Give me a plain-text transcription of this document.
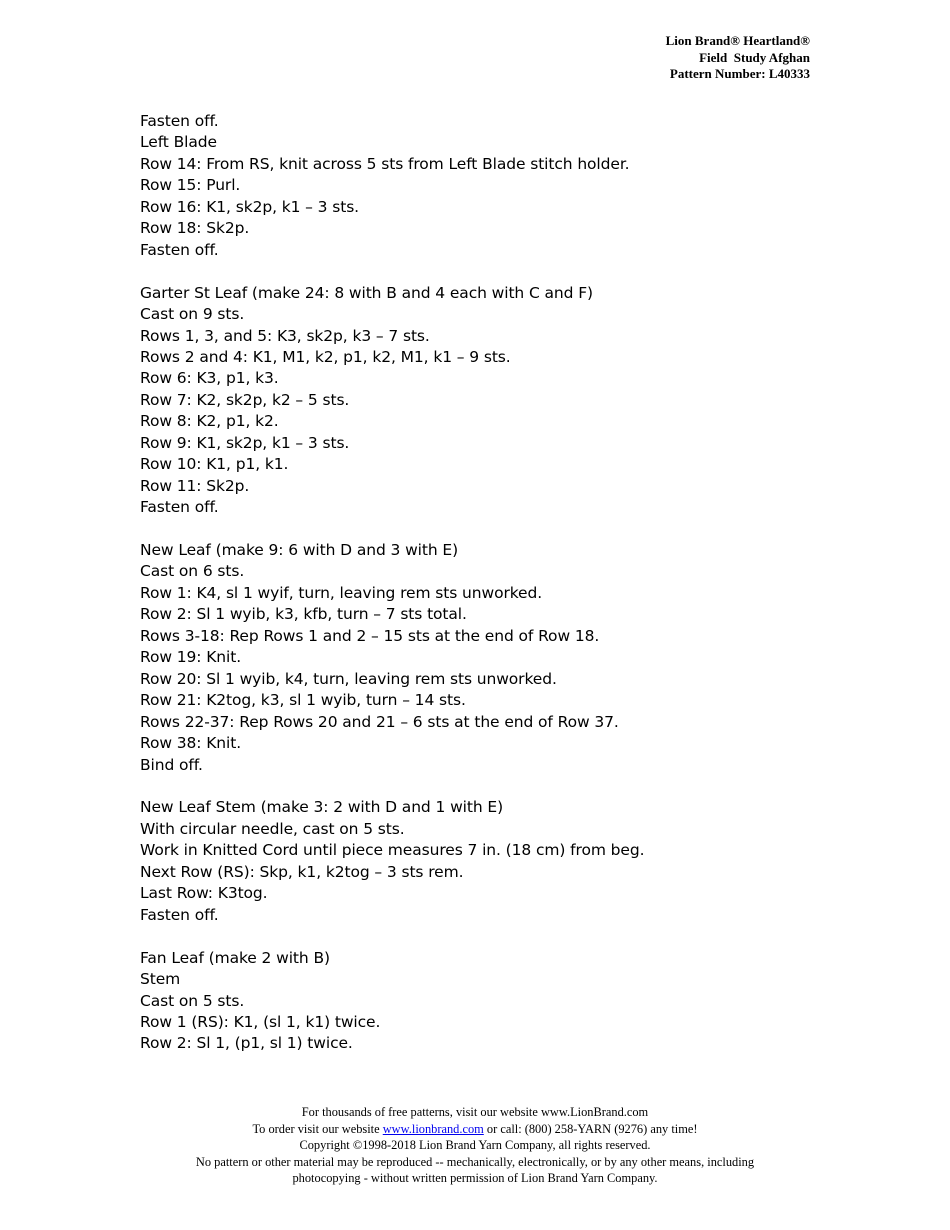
Lion Brand® Heartland®
Field  Study Afghan
Pattern Number: L40333
Fasten off.
Left Blade
Row 14: From RS, knit across 5 sts from Left Blade stitch holder.
Row 15: Purl.
Row 16: K1, sk2p, k1 – 3 sts.
Row 18: Sk2p.
Fasten off.
Garter St Leaf (make 24: 8 with B and 4 each with C and F)
Cast on 9 sts.
Rows 1, 3, and 5: K3, sk2p, k3 – 7 sts.
Rows 2 and 4: K1, M1, k2, p1, k2, M1, k1 – 9 sts.
Row 6: K3, p1, k3.
Row 7: K2, sk2p, k2 – 5 sts.
Row 8: K2, p1, k2.
Row 9: K1, sk2p, k1 – 3 sts.
Row 10: K1, p1, k1.
Row 11: Sk2p.
Fasten off.
New Leaf (make 9: 6 with D and 3 with E)
Cast on 6 sts.
Row 1: K4, sl 1 wyif, turn, leaving rem sts unworked.
Row 2: Sl 1 wyib, k3, kfb, turn – 7 sts total.
Rows 3-18: Rep Rows 1 and 2 – 15 sts at the end of Row 18.
Row 19: Knit.
Row 20: Sl 1 wyib, k4, turn, leaving rem sts unworked.
Row 21: K2tog, k3, sl 1 wyib, turn – 14 sts.
Rows 22-37: Rep Rows 20 and 21 – 6 sts at the end of Row 37.
Row 38: Knit.
Bind off.
New Leaf Stem (make 3: 2 with D and 1 with E)
With circular needle, cast on 5 sts.
Work in Knitted Cord until piece measures 7 in. (18 cm) from beg.
Next Row (RS): Skp, k1, k2tog – 3 sts rem.
Last Row: K3tog.
Fasten off.
Fan Leaf (make 2 with B)
Stem
Cast on 5 sts.
Row 1 (RS): K1, (sl 1, k1) twice.
Row 2: Sl 1, (p1, sl 1) twice.
For thousands of free patterns, visit our website www.LionBrand.com
To order visit our website www.lionbrand.com or call: (800) 258-YARN (9276) any time!
Copyright ©1998-2018 Lion Brand Yarn Company, all rights reserved.
No pattern or other material may be reproduced -- mechanically, electronically, or by any other means, including
photocopying - without written permission of Lion Brand Yarn Company.
